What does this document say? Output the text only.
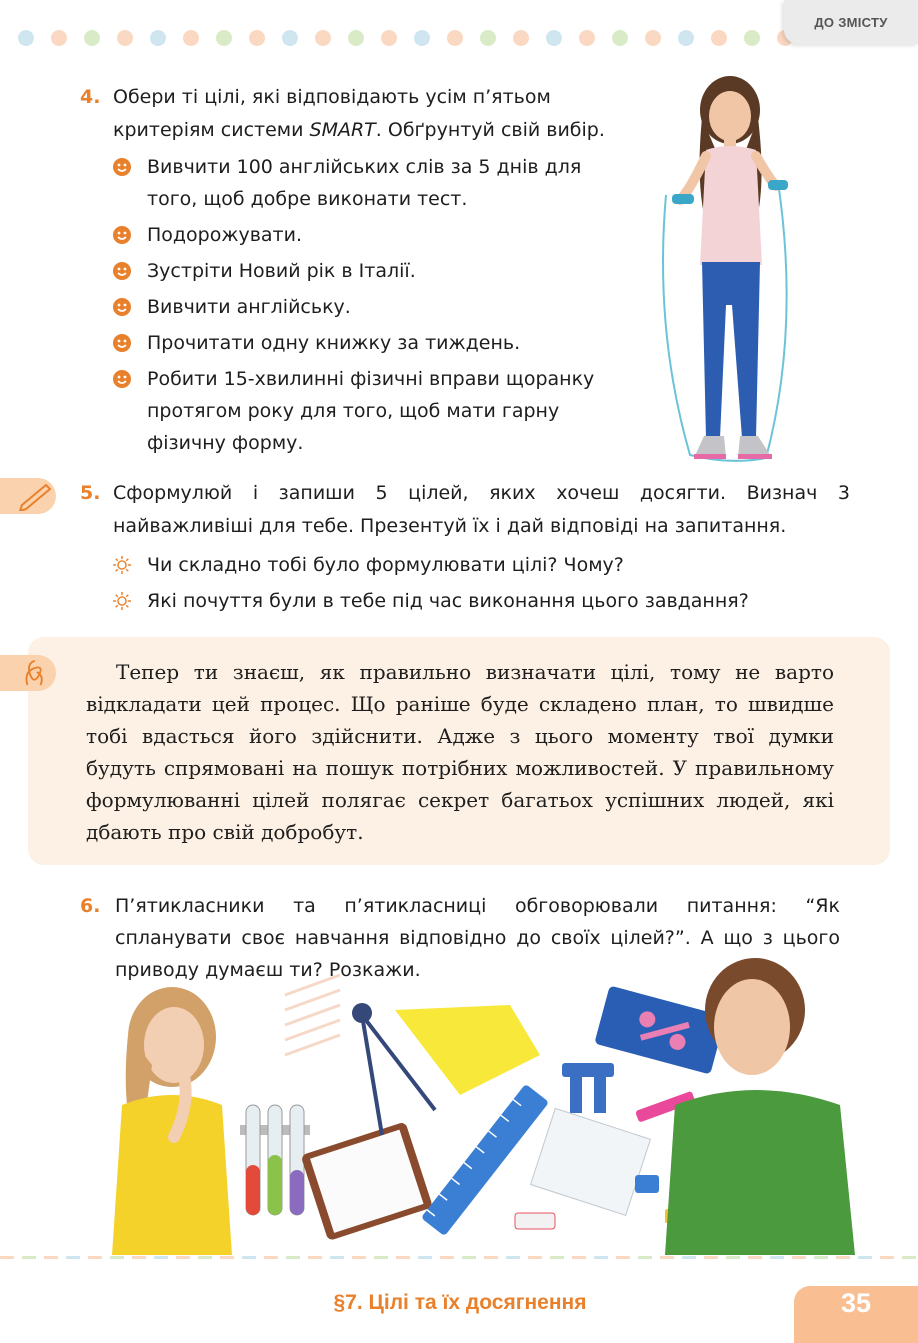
ДО ЗМІСТУ
4. Обери ті цілі, які відповідають усім п’ятьом
критеріям системи SMART. Обґрунтуй свій вибір.
Вивчити 100 англійських слів за 5 днів для того, щоб добре виконати тест.
Подорожувати.
Зустріти Новий рік в Італії.
Вивчити англійську.
Прочитати одну книжку за тиждень.
Робити 15-хвилинні фізичні вправи щоранку протягом року для того, щоб мати гарну фізичну форму.
5. Сформулюй і запиши 5 цілей, яких хочеш досягти. Визнач 3 найважливіші для тебе. Презентуй їх і дай відповіді на запитання.
Чи складно тобі було формулювати цілі? Чому?
Які почуття були в тебе під час виконання цього завдання?
Тепер ти знаєш, як правильно визначати цілі, тому не варто відкладати цей процес. Що раніше буде складено план, то швидше тобі вдасться його здійснити. Адже з цього моменту твої думки будуть спрямовані на пошук потрібних можливостей. У правильному формулюванні цілей полягає секрет багатьох успішних людей, які дбають про свій добробут.
6. П’ятикласники та п’ятикласниці обговорювали питання: “Як спланувати своє навчання відповідно до своїх цілей?”. А що з цього приводу думаєш ти? Розкажи.
§7. Цілі та їх досягнення	35
